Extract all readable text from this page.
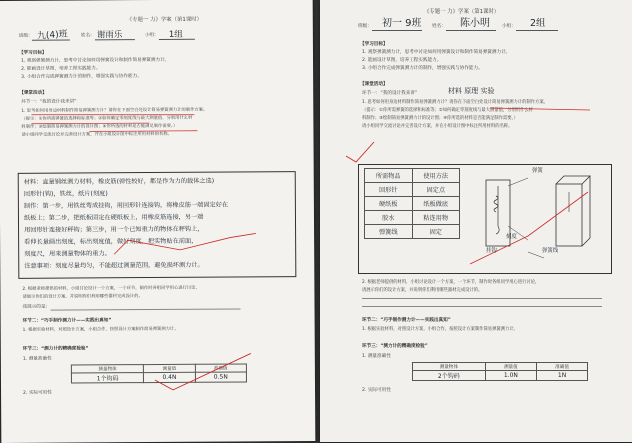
《专题一 力》学案（第1课时）
班级： 九(4)班	姓名： 谢雨乐	小组： 1组
【学习目标】
1. 观察弹簧测力计，思考中讨论如何用弹簧设计和制作简易弹簧测力计。
2. 能画设计草图，培养工程实践能力。
3. 小组合作完成弹簧测力计的制作，增强实践与协作能力。
【课堂活动】
环节一：“我的设计我来讲”
1. 思考如何用身边材料制作简易弹簧测力计？请你在下面空白处设计简易弹簧测力计的制作方案。
（提示：①你所需弹簧的选择和标准等；②如何确定零刻度线与最大测量值，分别用什么材
料制作；③绘制简易弹簧测力计的设计图；④你所选的材料是否能满足制作需要。）
请小组同学交流讨论并完善设计方案，并在小组设计图中标注所用材料的名称。
材料：直量钢丝测力材料，橡皮筋(弹性较好，都是作为力的载体之选)
回形针(钩)，铁丝，纸片(刻度)
制作：第一步，用铁丝弯成挂钩，用回形针连接钩，将橡皮筋一端固定好在
纸板上；第二步，把纸板固定在硬纸板上，用橡皮筋连接，另一端
用回形针连接好秤钩；第三步，用一个已知重力的物体在秤钩上，
看伸长量画出刻度，标出刻度值，做好刻度，把实物贴在前面，
刻度尺，用来测量物体的重力。
注意事项：刻度尽量均匀，不能超过测量范围，避免损坏测力计。
2. 根据老师提供的材料，小组讨论设计一个方案，一个环节，制作时各组同学用心进行讨论，
请展示你们的设计方案，并说明你们利用哪些器材完成设计的。
我展示的是：
环节二：“巧手制作测力计——实践出真知”
1. 根据实验材料，对照设计方案，小组合作，按照设计方案制作简易弹簧测力计。
环节三：“测力计的精确度检验”
1. 测量准确性
测量物体	测量值	准确值
1个钩码	0.4N	0.5N
2. 实际可用性
《专题一 力》学案（第1课时）
班级： 初一 9班 姓名： 陈小明	小组： 2组
【学习目标】
1. 观察弹簧测力计，思考中讨论如何用弹簧设计和制作简易弹簧测力计。
2. 能画设计草图，培养工程实践能力。
3. 小组合作完成弹簧测力计的制作，增强实践与协作能力。
【课堂活动】
环节一：“我的设计我来讲”	材料 原理 实验
1. 思考如何用身边材料制作简易弹簧测力计？请你在下面空白处设计简易弹簧测力计的制作方案。
（提示：①你所需弹簧的选择和标准等；②如何确定零刻度线与最大测量值，分别用什么材
料制作；③绘制简易弹簧测力计的设计图；④你所选的材料是否能满足制作需要。）
请小组同学交流讨论并完善设计方案，并在小组设计图中标注所用材料的名称。
所需物品	使用方法
回形针	固定点
硬纸板	纸板做底
胶水	粘连用物
弹簧线	固定
弹簧
挂钩
刻度
弹簧线
2. 根据老师提供的材料，小组讨论设计一个方案，一个环节，制作时各组同学用心进行讨论，
请展示你们的设计方案，并说明你们利用哪些器材完成设计的。
环节二：“巧手制作测力计——实践出真知”
1. 根据实验材料，对照设计方案，小组合作，按照设计方案制作简易弹簧测力计。
环节三：“测力计的精确度检验”
1. 测量准确性
测量物体	测量值	准确值
2个钩码	1.0N	1N
2. 实际可用性
